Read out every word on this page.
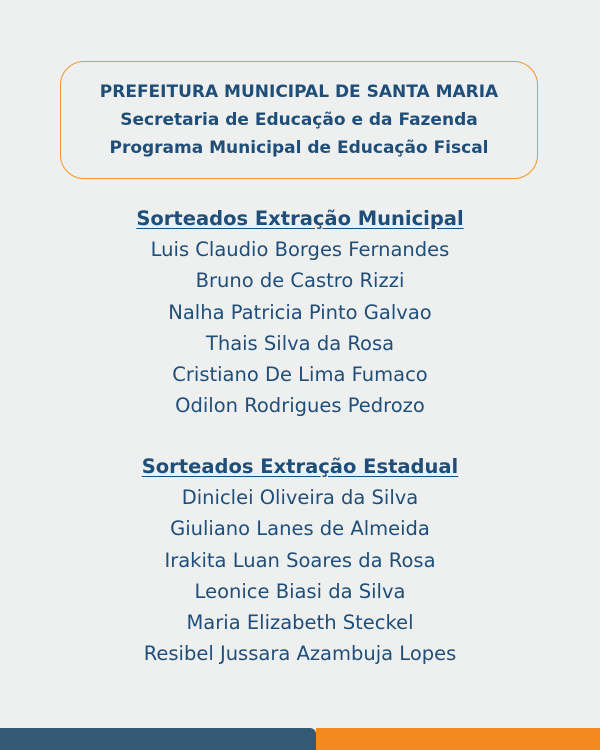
PREFEITURA MUNICIPAL DE SANTA MARIA
Secretaria de Educação e da Fazenda
Programa Municipal de Educação Fiscal
Sorteados Extração Municipal
Luis Claudio Borges Fernandes
Bruno de Castro Rizzi
Nalha Patricia Pinto Galvao
Thais Silva da Rosa
Cristiano De Lima Fumaco
Odilon Rodrigues Pedrozo
Sorteados Extração Estadual
Diniclei Oliveira da Silva
Giuliano Lanes de Almeida
Irakita Luan Soares da Rosa
Leonice Biasi da Silva
Maria Elizabeth Steckel
Resibel Jussara Azambuja Lopes
